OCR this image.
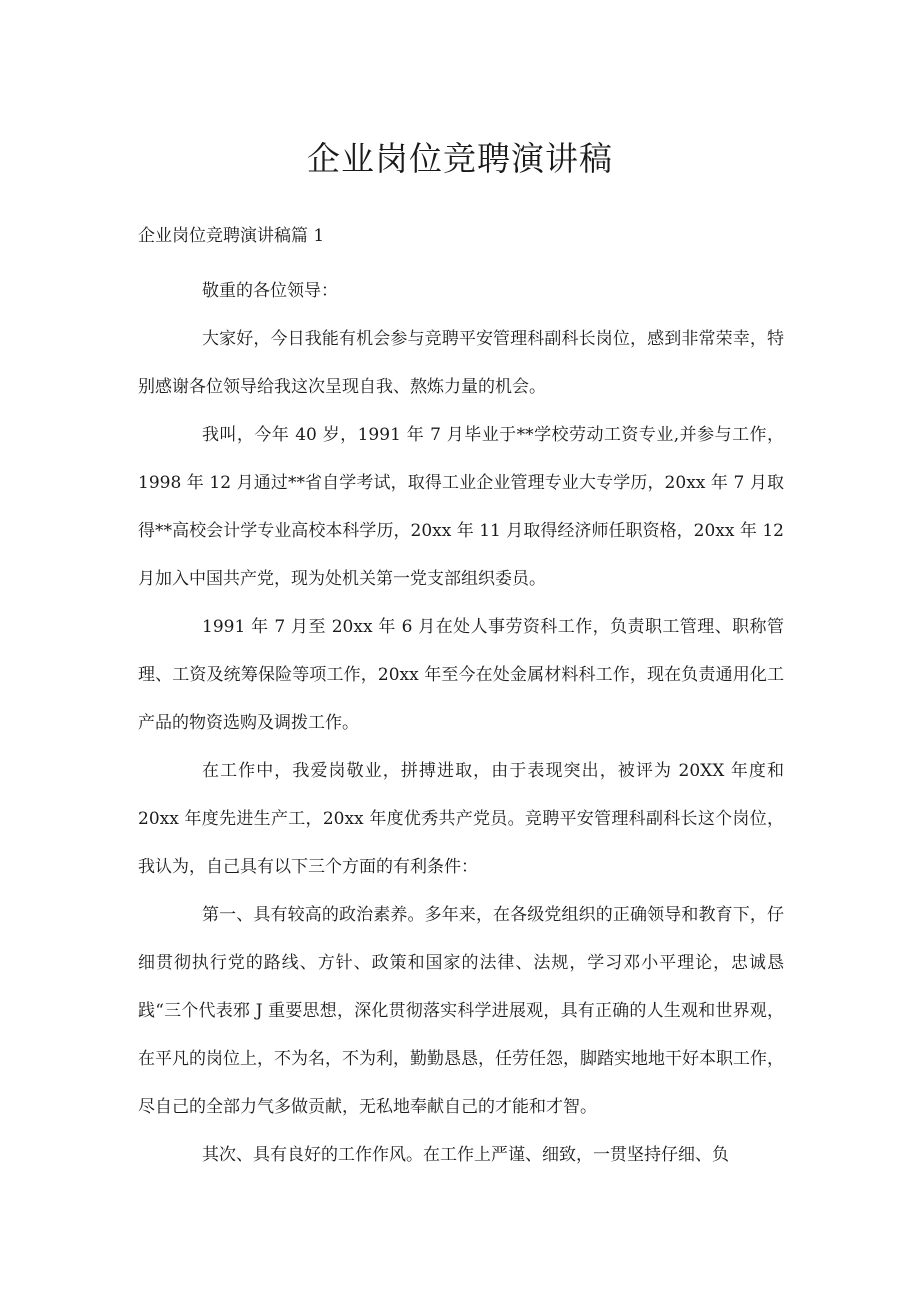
企业岗位竞聘演讲稿

企业岗位竞聘演讲稿篇 1

敬重的各位领导：

大家好，今日我能有机会参与竞聘平安管理科副科长岗位，感到非常荣幸，特别感谢各位领导给我这次呈现自我、熬炼力量的机会。

我叫，今年 40 岁，1991 年 7 月毕业于**学校劳动工资专业,并参与工作，1998 年 12 月通过**省自学考试，取得工业企业管理专业大专学历，20xx 年 7 月取得**高校会计学专业高校本科学历，20xx 年 11 月取得经济师任职资格，20xx 年 12 月加入中国共产党，现为处机关第一党支部组织委员。

1991 年 7 月至 20xx 年 6 月在处人事劳资科工作，负责职工管理、职称管理、工资及统筹保险等项工作，20xx 年至今在处金属材料科工作，现在负责通用化工产品的物资选购及调拨工作。

在工作中，我爱岗敬业，拼搏进取，由于表现突出，被评为 20XX 年度和 20xx 年度先进生产工，20xx 年度优秀共产党员。竞聘平安管理科副科长这个岗位，我认为，自己具有以下三个方面的有利条件：

第一、具有较高的政治素养。多年来，在各级党组织的正确领导和教育下，仔细贯彻执行党的路线、方针、政策和国家的法律、法规，学习邓小平理论，忠诚恳践“三个代表邪 J 重要思想，深化贯彻落实科学进展观，具有正确的人生观和世界观，在平凡的岗位上，不为名，不为利，勤勤恳恳，任劳任怨，脚踏实地地干好本职工作，尽自己的全部力气多做贡献，无私地奉献自己的才能和才智。

其次、具有良好的工作作风。在工作上严谨、细致，一贯坚持仔细、负
